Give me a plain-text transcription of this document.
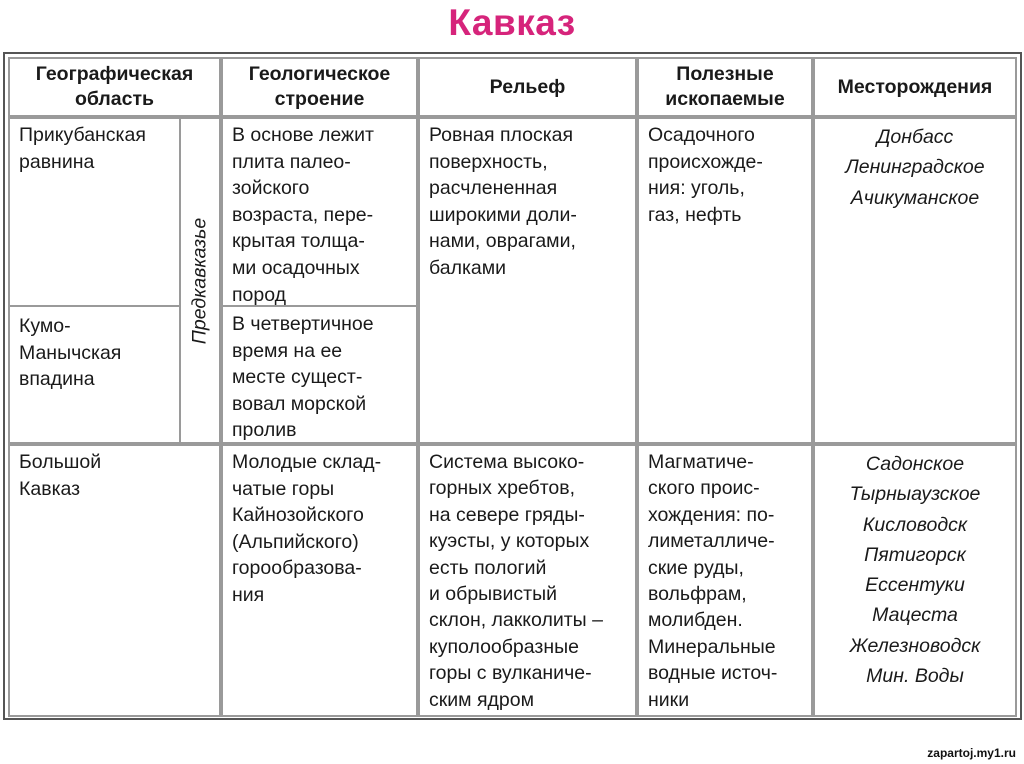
Кавказ
Географическая
область
Геологическое
строение
Рельеф
Полезные
ископаемые
Месторождения
Прикубанская
равнина
Кумо-
Манычская
впадина
Предкавказье
В основе лежит
плита палео-
зойского
возраста, пере-
крытая толща-
ми осадочных
пород
В четвертичное
время на ее
месте сущест-
вовал морской
пролив
Ровная плоская
поверхность,
расчлененная
широкими доли-
нами, оврагами,
балками
Осадочного
происхожде-
ния: уголь,
газ, нефть
Донбасс
Ленинградское
Ачикуманское
Большой
Кавказ
Молодые склад-
чатые горы
Кайнозойского
(Альпийского)
горообразова-
ния
Система высоко-
горных хребтов,
на севере гряды-
куэсты, у которых
есть пологий
и обрывистый
склон, лакколиты –
куполообразные
горы с вулканиче-
ским ядром
Магматиче-
ского проис-
хождения: по-
лиметалличе-
ские руды,
вольфрам,
молибден.
Минеральные
водные источ-
ники
Садонское
Тырныаузское
Кисловодск
Пятигорск
Ессентуки
Мацеста
Железноводск
Мин. Воды
zapartoj.my1.ru
